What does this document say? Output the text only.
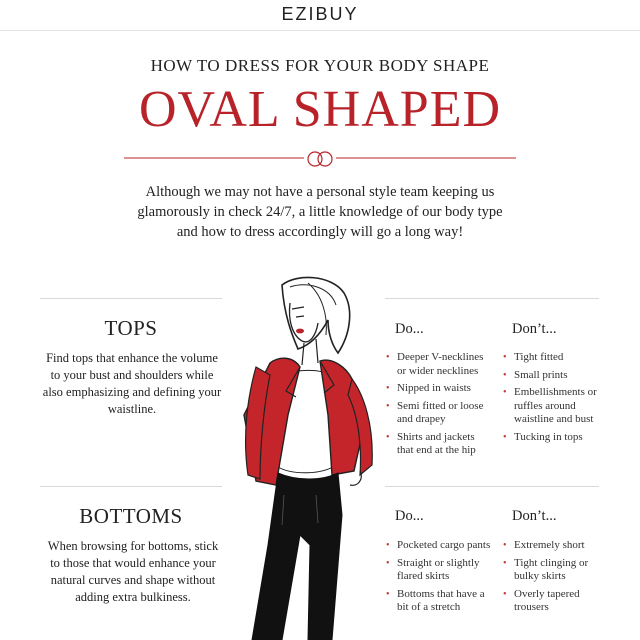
EZIBUY
HOW TO DRESS FOR YOUR BODY SHAPE
OVAL SHAPED
Although we may not have a personal style team keeping us
glamorously in check 24/7, a little knowledge of our body type
and how to dress accordingly will go a long way!
TOPS
Find tops that enhance the volume
to your bust and shoulders while
also emphasizing and defining your
waistline.
Do...	Don’t...
• Deeper V-necklines
or wider necklines
• Nipped in waists
• Semi fitted or loose
and drapey
• Shirts and jackets
that end at the hip
• Tight fitted
• Small prints
• Embellishments or
ruffles around
waistline and bust
• Tucking in tops
BOTTOMS
When browsing for bottoms, stick
to those that would enhance your
natural curves and shape without
adding extra bulkiness.
Do...	Don’t...
• Pocketed cargo pants
• Straight or slightly
flared skirts
• Bottoms that have a
bit of a stretch
• Extremely short
• Tight clinging or
bulky skirts
• Overly tapered
trousers
